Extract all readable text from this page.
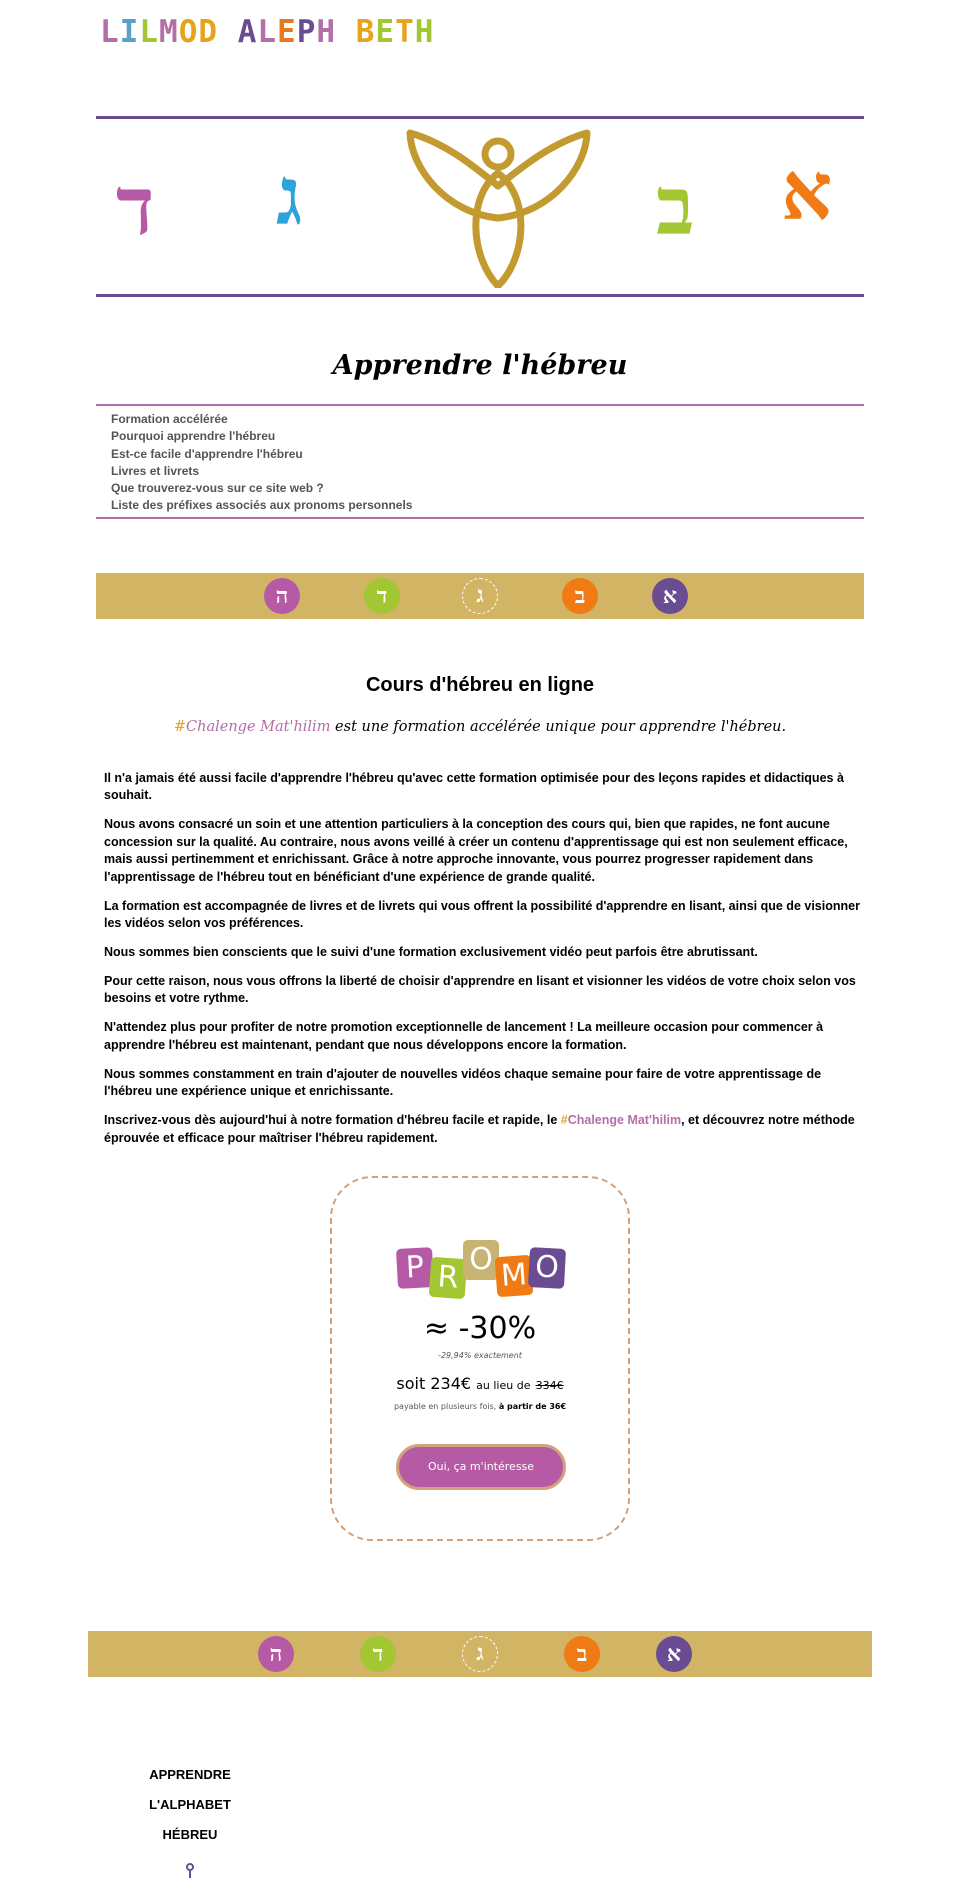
LILMOD ALEPH BETH
ד ג	ב א
Apprendre l'hébreu
Formation accélérée
Pourquoi apprendre l'hébreu
Est-ce facile d'apprendre l'hébreu
Livres et livrets
Que trouverez-vous sur ce site web ?
Liste des préfixes associés aux pronoms personnels
ה	ד	ג	ב	א
Cours d'hébreu en ligne

#Chalenge Mat'hilim est une formation accélérée unique pour apprendre l'hébreu.

Il n'a jamais été aussi facile d'apprendre l'hébreu qu'avec cette formation optimisée pour des leçons rapides et didactiques à souhait.

Nous avons consacré un soin et une attention particuliers à la conception des cours qui, bien que rapides, ne font aucune concession sur la qualité. Au contraire, nous avons veillé à créer un contenu d'apprentissage qui est non seulement efficace, mais aussi pertinemment et enrichissant. Grâce à notre approche innovante, vous pourrez progresser rapidement dans l'apprentissage de l'hébreu tout en bénéficiant d'une expérience de grande qualité.

La formation est accompagnée de livres et de livrets qui vous offrent la possibilité d'apprendre en lisant, ainsi que de visionner les vidéos selon vos préférences.

Nous sommes bien conscients que le suivi d'une formation exclusivement vidéo peut parfois être abrutissant.

Pour cette raison, nous vous offrons la liberté de choisir d'apprendre en lisant et visionner les vidéos de votre choix selon vos besoins et votre rythme.

N'attendez plus pour profiter de notre promotion exceptionnelle de lancement ! La meilleure occasion pour commencer à apprendre l'hébreu est maintenant, pendant que nous développons encore la formation.

Nous sommes constamment en train d'ajouter de nouvelles vidéos chaque semaine pour faire de votre apprentissage de l'hébreu une expérience unique et enrichissante.

Inscrivez-vous dès aujourd'hui à notre formation d'hébreu facile et rapide, le #Chalenge Mat'hilim, et découvrez notre méthode éprouvée et efficace pour maîtriser l'hébreu rapidement.

P R O M O
≈ -30%
-29,94% exactement
soit 234€ au lieu de 334€
payable en plusieurs fois, à partir de 36€
Oui, ça m'intéresse
ה	ד	ג	ב	א
APPRENDRE
L'ALPHABET
HÉBREU
